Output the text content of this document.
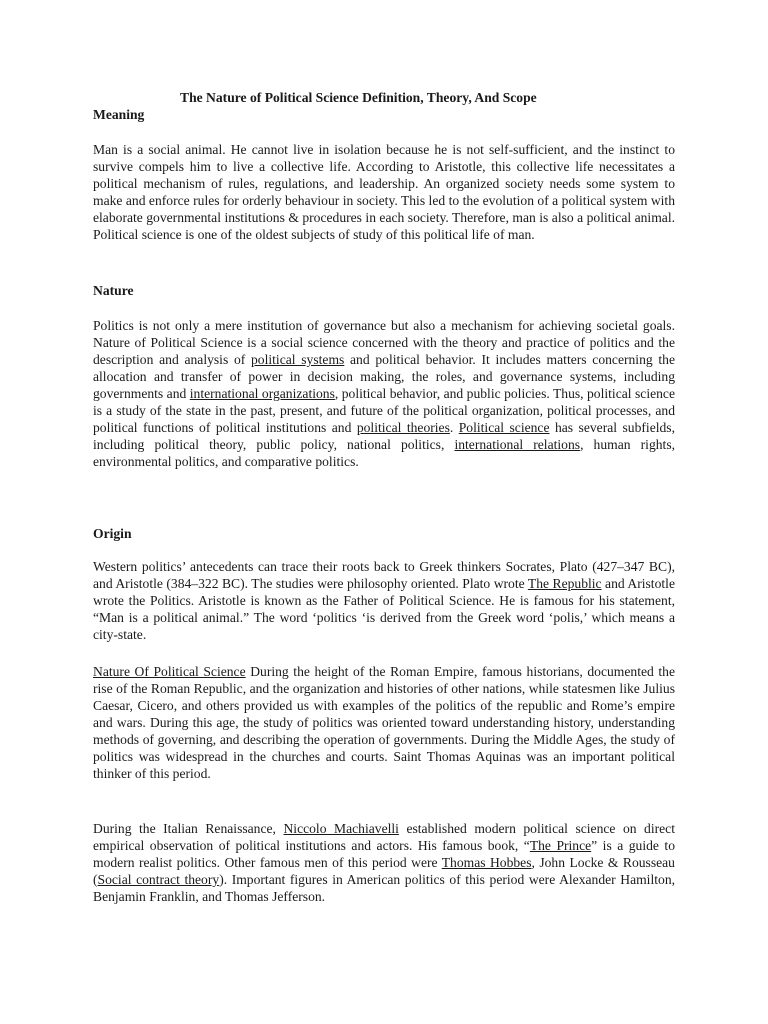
The Nature of Political Science Definition, Theory, And Scope
Meaning
Man is a social animal. He cannot live in isolation because he is not self-sufficient, and the instinct to survive compels him to live a collective life. According to Aristotle, this collective life necessitates a political mechanism of rules, regulations, and leadership. An organized society needs some system to make and enforce rules for orderly behaviour in society. This led to the evolution of a political system with elaborate governmental institutions & procedures in each society. Therefore, man is also a political animal. Political science is one of the oldest subjects of study of this political life of man.
Nature
Politics is not only a mere institution of governance but also a mechanism for achieving societal goals. Nature of Political Science is a social science concerned with the theory and practice of politics and the description and analysis of political systems and political behavior. It includes matters concerning the allocation and transfer of power in decision making, the roles, and governance systems, including governments and international organizations, political behavior, and public policies. Thus, political science is a study of the state in the past, present, and future of the political organization, political processes, and political functions of political institutions and political theories. Political science has several subfields, including political theory, public policy, national politics, international relations, human rights, environmental politics, and comparative politics.
Origin
Western politics’ antecedents can trace their roots back to Greek thinkers Socrates, Plato (427–347 BC), and Aristotle (384–322 BC). The studies were philosophy oriented. Plato wrote The Republic and Aristotle wrote the Politics. Aristotle is known as the Father of Political Science. He is famous for his statement, “Man is a political animal.” The word ‘politics ‘is derived from the Greek word ‘polis,’ which means a city-state.
Nature Of Political Science During the height of the Roman Empire, famous historians, documented the rise of the Roman Republic, and the organization and histories of other nations, while statesmen like Julius Caesar, Cicero, and others provided us with examples of the politics of the republic and Rome’s empire and wars. During this age, the study of politics was oriented toward understanding history, understanding methods of governing, and describing the operation of governments. During the Middle Ages, the study of politics was widespread in the churches and courts. Saint Thomas Aquinas was an important political thinker of this period.
During the Italian Renaissance, Niccolo Machiavelli established modern political science on direct empirical observation of political institutions and actors. His famous book, “The Prince” is a guide to modern realist politics. Other famous men of this period were Thomas Hobbes, John Locke & Rousseau (Social contract theory). Important figures in American politics of this period were Alexander Hamilton, Benjamin Franklin, and Thomas Jefferson.
